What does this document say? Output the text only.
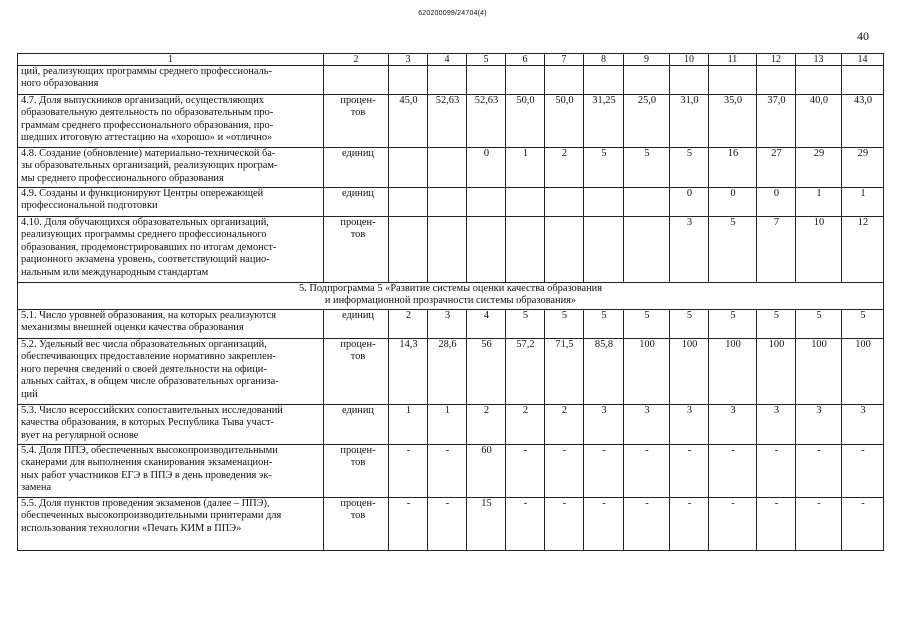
620200099/24704(4)
40
1	2	3	4	5	6	7	8	9	10	11	12	13	14
ций, реализующих программы среднего профессиональ-
ного образования													
4.7. Доля выпускников организаций, осуществляющих
образовательную деятельность по образовательным про-
граммам среднего профессионального образования, про-
шедших итоговую аттестацию на «хорошо» и «отлично»	процен-
тов	45,0	52,63	52,63	50,0	50,0	31,25	25,0	31,0	35,0	37,0	40,0	43,0
4.8. Создание (обновление) материально-технической ба-
зы образовательных организаций, реализующих програм-
мы среднего профессионального образования	единиц			0	1	2	5	5	5	16	27	29	29
4.9. Созданы и функционируют Центры опережающей
профессиональной подготовки	единиц								0	0	0	1	1
4.10. Доля обучающихся образовательных организаций,
реализующих программы среднего профессионального
образования, продемонстрировавших по итогам демонст-
рационного экзамена уровень, соответствующий нацио-
нальным или международным стандартам	процен-
тов								3	5	7	10	12
5. Подпрограмма 5 «Развитие системы оценки качества образования
и информационной прозрачности системы образования»													
5.1. Число уровней образования, на которых реализуются
механизмы внешней оценки качества образования	единиц	2	3	4	5	5	5	5	5	5	5	5	5
5.2. Удельный вес числа образовательных организаций,
обеспечивающих предоставление нормативно закреплен-
ного перечня сведений о своей деятельности на офици-
альных сайтах, в общем числе образовательных организа-
ций	процен-
тов	14,3	28,6	56	57,2	71,5	85,8	100	100	100	100	100	100
5.3. Число всероссийских сопоставительных исследований
качества образования, в которых Республика Тыва участ-
вует на регулярной основе	единиц	1	1	2	2	2	3	3	3	3	3	3	3
5.4. Доля ППЭ, обеспеченных высокопроизводительными
сканерами для выполнения сканирования экзаменацион-
ных работ участников ЕГЭ в ППЭ в день проведения эк-
замена	процен-
тов	-	-	60	-	-	-	-	-	-	-	-	-
5.5. Доля пунктов проведения экзаменов (далее – ППЭ),
обеспеченных высокопроизводительными принтерами для
использования технологии «Печать КИМ в ППЭ»	процен-
тов	-	-	15	-	-	-	-	-	-	-	-	-
